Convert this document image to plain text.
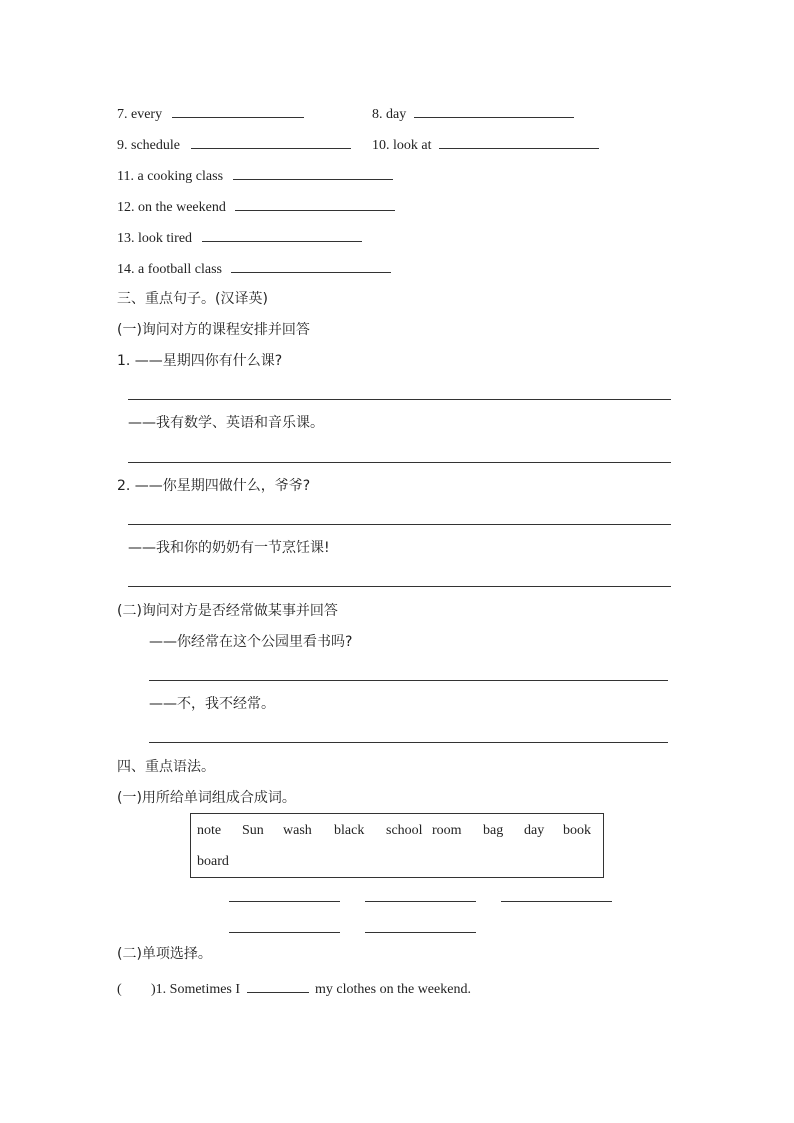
7. every	8. day
9. schedule	10. look at
11. a cooking class
12. on the weekend
13. look tired
14. a football class
三、重点句子。(汉译英)
(一)询问对方的课程安排并回答
1. ——星期四你有什么课?
——我有数学、英语和音乐课。
2. ——你星期四做什么，爷爷?
——我和你的奶奶有一节烹饪课!
(二)询问对方是否经常做某事并回答
——你经常在这个公园里看书吗?
——不，我不经常。
四、重点语法。
(一)用所给单词组成合成词。
note Sun wash black school room bag day book
board
(二)单项选择。
( )1. Sometimes I	my clothes on the weekend.
